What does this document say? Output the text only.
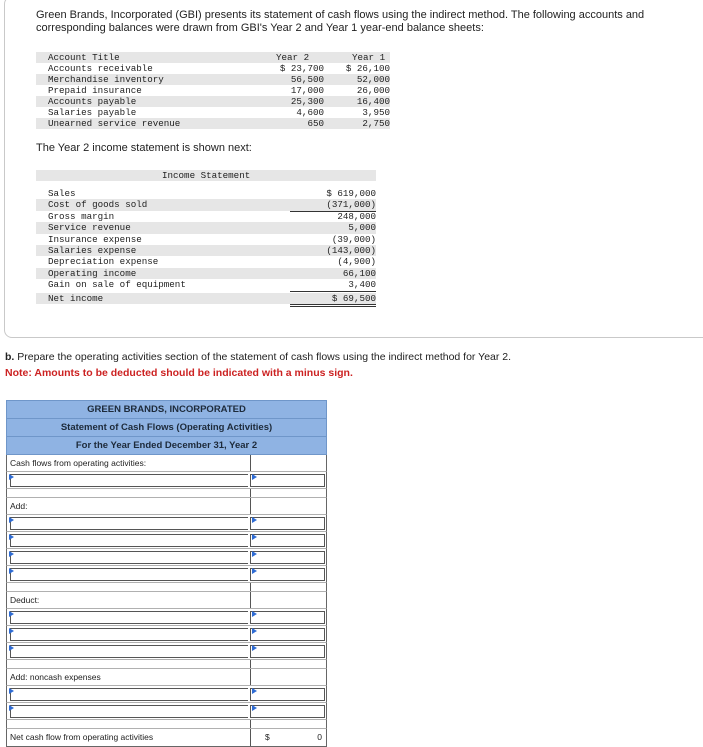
Green Brands, Incorporated (GBI) presents its statement of cash flows using the indirect method. The following accounts and corresponding balances were drawn from GBI's Year 2 and Year 1 year-end balance sheets:
Account Title	Year 2	Year 1
Accounts receivable	$ 23,700	$ 26,100
Merchandise inventory	56,500	52,000
Prepaid insurance	17,000	26,000
Accounts payable	25,300	16,400
Salaries payable	4,600	3,950
Unearned service revenue	650	2,750
The Year 2 income statement is shown next:
Income Statement
Sales	$ 619,000
Cost of goods sold	(371,000)
Gross margin	248,000
Service revenue	5,000
Insurance expense	(39,000)
Salaries expense	(143,000)
Depreciation expense	(4,900)
Operating income	66,100
Gain on sale of equipment	3,400
Net income	$ 69,500
b. Prepare the operating activities section of the statement of cash flows using the indirect method for Year 2.
Note: Amounts to be deducted should be indicated with a minus sign.
GREEN BRANDS, INCORPORATED
Statement of Cash Flows (Operating Activities)
For the Year Ended December 31, Year 2
Cash flows from operating activities:
Add:
Deduct:
Add: noncash expenses
Net cash flow from operating activities	$	0
